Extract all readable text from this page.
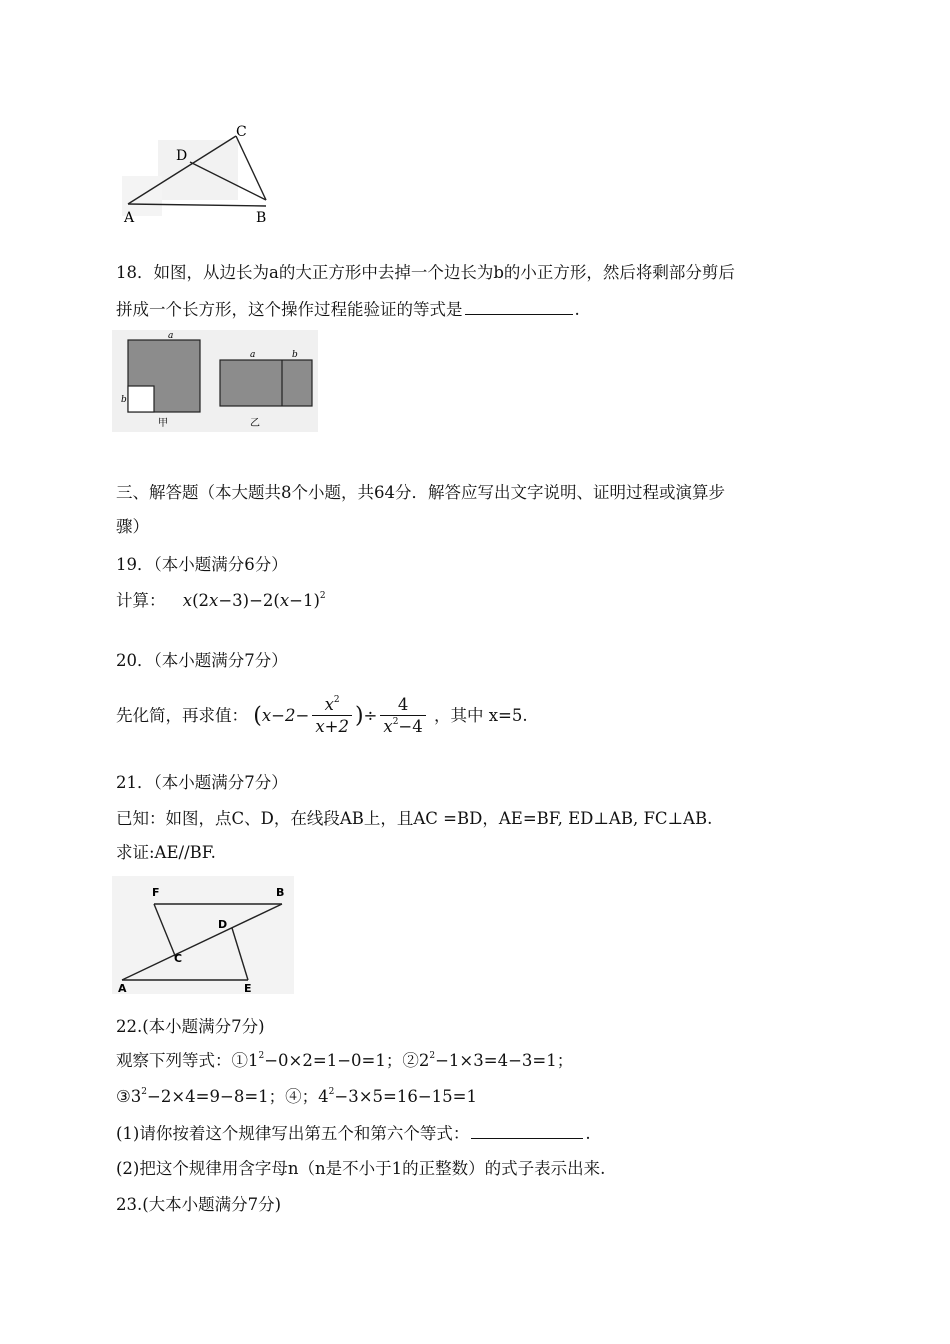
C
D
A	B
18．如图，从边长为a的大正方形中去掉一个边长为b的小正方形，然后将剩部分剪后
拼成一个长方形，这个操作过程能验证的等式是	.
a
b
甲
a	b
乙
三、解答题（本大题共8个小题，共64分．解答应写出文字说明、证明过程或演算步
骤）
19．（本小题满分6分）
计算： $x(2x-3)-2(x-1)^2$
20．（本小题满分7分）
先化简，再求值： ($x-2- \frac{x^2}{x+2}$ )÷ $\frac{4}{x^2-4}$ ，其中 x=5.
21．（本小题满分7分）
已知：如图，点C、D，在线段AB上，且AC =BD，AE=BF, ED⊥AB, FC⊥AB.
求证:AE//BF.
F	B
D
C
A	E
22.(本小题满分7分)
观察下列等式：$①1^2-0\times 2=1-0=1$；$②2^2-1\times 3=4-3=1$；
$③3^2-2\times 4=9-8=1$；④；$4^2-3\times 5=16-15=1$
(1)请你按着这个规律写出第五个和第六个等式：	.
(2)把这个规律用含字母n（n是不小于1的正整数）的式子表示出来.
23.(大本小题满分7分)
